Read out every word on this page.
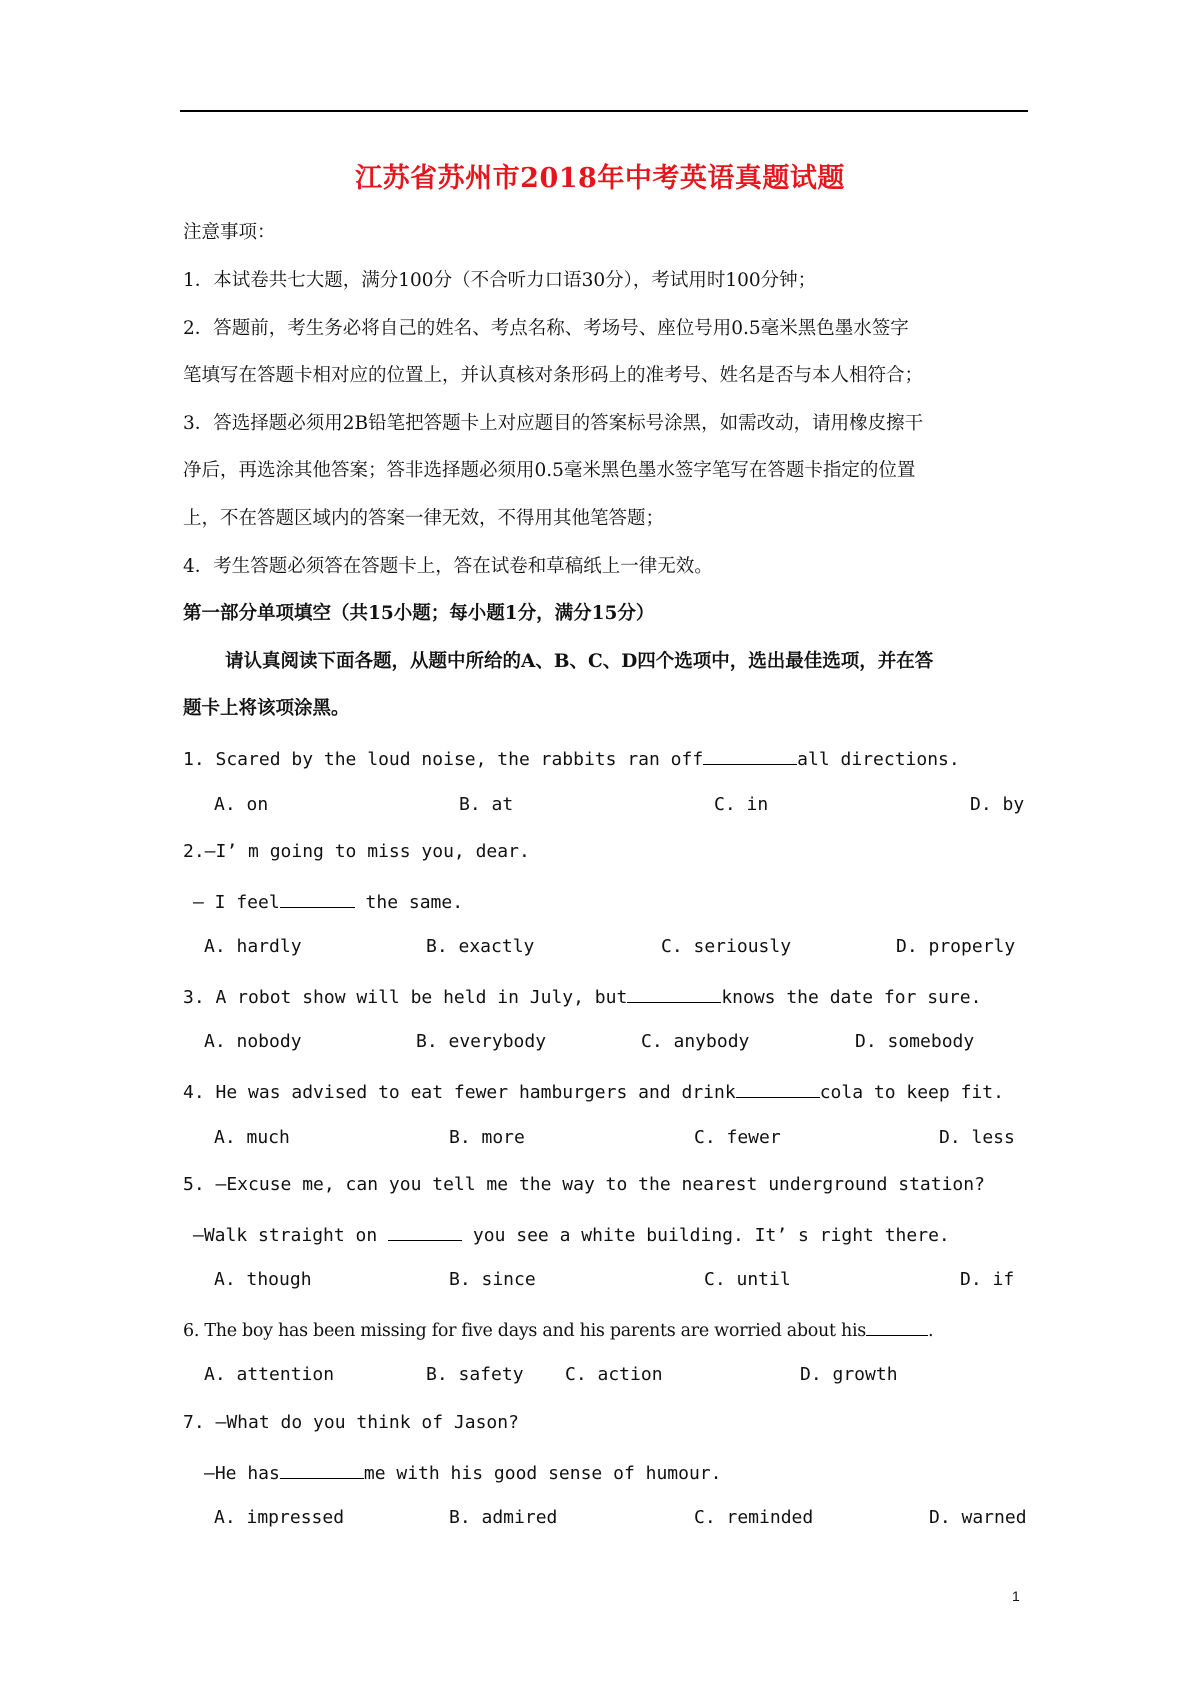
江苏省苏州市2018年中考英语真题试题
注意事项：
1．本试卷共七大题，满分100分（不合听力口语30分），考试用时100分钟；
2．答题前，考生务必将自己的姓名、考点名称、考场号、座位号用0.5毫米黑色墨水签字
笔填写在答题卡相对应的位置上，并认真核对条形码上的准考号、姓名是否与本人相符合；
3．答选择题必须用2B铅笔把答题卡上对应题目的答案标号涂黑，如需改动，请用橡皮擦干
净后，再选涂其他答案；答非选择题必须用0.5毫米黑色墨水签字笔写在答题卡指定的位置
上，不在答题区域内的答案一律无效，不得用其他笔答题；
4．考生答题必须答在答题卡上，答在试卷和草稿纸上一律无效。
第一部分单项填空（共15小题；每小题1分，满分15分）
请认真阅读下面各题，从题中所给的A、B、C、D四个选项中，选出最佳选项，并在答
题卡上将该项涂黑。
1. Scared by the loud noise, the rabbits ran off	all directions.
A. on	B. at	C. in	D. by
2.—I’ m going to miss you, dear.
— I feel	the same.
A. hardly	B. exactly	C. seriously	D. properly
3. A robot show will be held in July, but	knows the date for sure.
A. nobody	B. everybody	C. anybody	D. somebody
4. He was advised to eat fewer hamburgers and drink	cola to keep fit.
A. much	B. more	C. fewer	D. less
5. —Excuse me, can you tell me the way to the nearest underground station?
—Walk straight on	you see a white building. It’ s right there.
A. though	B. since	C. until	D. if
6. The boy has been missing for five days and his parents are worried about his	.
A. attention	B. safety C. action	D. growth
7. —What do you think of Jason?
—He has	me with his good sense of humour.
A. impressed	B. admired	C. reminded	D. warned
1
